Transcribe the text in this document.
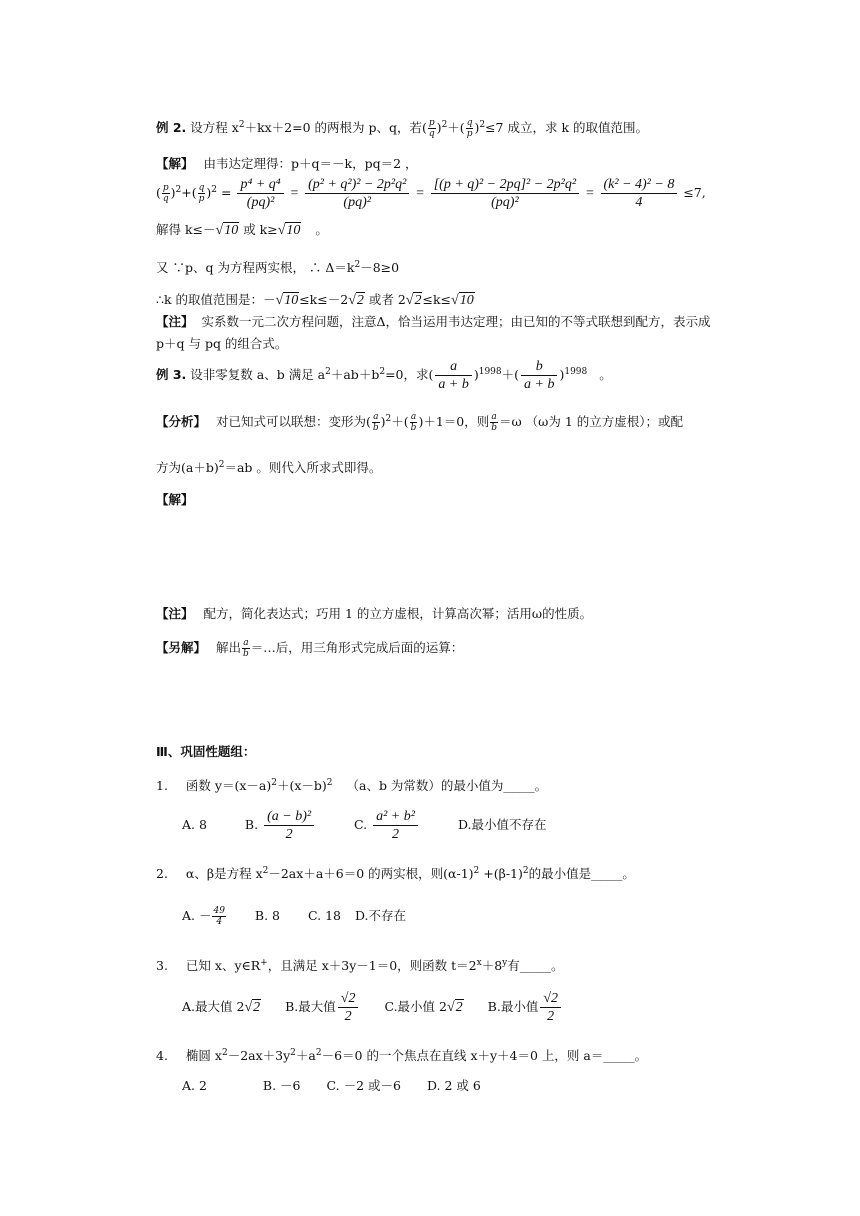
例 2. 设方程 $x^2+kx+2=0$ 的两根为 p、q，若( $\frac{p}{q} )^2+( \frac{q}{p} )^2\le 7$ 成立，求 k 的取值范围。
【解】 由韦达定理得：p＋q＝－k，pq＝2 ，
( $\frac{p}{q} )^2+( \frac{q}{p} )^2 = \frac{\text{p⁴ + q⁴}}{\text{(pq)²}} = \frac{\text{(p² + q²)² − 2p²q²}}{\text{(pq)²}} = \frac{\text{[(p + q)² − 2pq]² − 2p²q²}}{\text{(pq)²}} = \frac{\text{(k² − 4)² − 8}}{4} \le 7$,
解得 k≤－√10 或 k≥√10 。
又 ∵p、q 为方程两实根， ∴ $\Delta=k^2-8\ge 0$
∴k 的取值范围是：－√10≤k≤－2√2 或者 2√2≤k≤√10
【注】 实系数一元二次方程问题，注意Δ，恰当运用韦达定理；由已知的不等式联想到配方，表示成
p＋q 与 pq 的组合式。
例 3. 设非零复数 a、b 满足 $a^2+ab+b^2=0$，求( $\frac{a}{a + b} )^{1998}+( \frac{b}{a + b} )^{1998}$ 。
【分析】 对已知式可以联想：变形为( $\frac{a}{b} )^2+( \frac{a}{b} )+1=0$，则 $\frac{a}{b} =\omega$ （ω为 1 的立方虚根）；或配
方为$(a+b)^2=ab$ 。则代入所求式即得。
【解】
【注】 配方，简化表达式；巧用 1 的立方虚根，计算高次幂；活用ω的性质。
【另解】 解出 $\frac{a}{b}$ ＝…后，用三角形式完成后面的运算：
Ⅲ、巩固性题组：
1. 函数 $y=(x-a)^2+(x-b)^2$ （a、b 为常数）的最小值为_____。
A. 8	B. $\frac{\text{(a − b)²}}{2}$	C. $\frac{\text{a² + b²}}{2}$	D.最小值不存在
2. α、β是方程 $x^2-2ax+a+6=0$ 的两实根，则$(\alpha-1)^2 +(\beta-1)^2$的最小值是_____。
A. － $\frac{49}{4} B$. 8 C. 18 D.不存在
3. 已知 x、y∈R+，且满足 x＋3y－1＝0，则函数 $t=2^x+8^y$有_____。
A.最大值 2√2 B.最大值 $\frac{√2}{2} C$.最小值 2√2 B.最小值 $\frac{√2}{2}$
4. 椭圆 $x^2-2ax+3y^2+a^2-6=0$ 的一个焦点在直线 x＋y＋4＝0 上，则 a＝_____。
A. 2	B. －6 C. －2 或－6 D. 2 或 6
